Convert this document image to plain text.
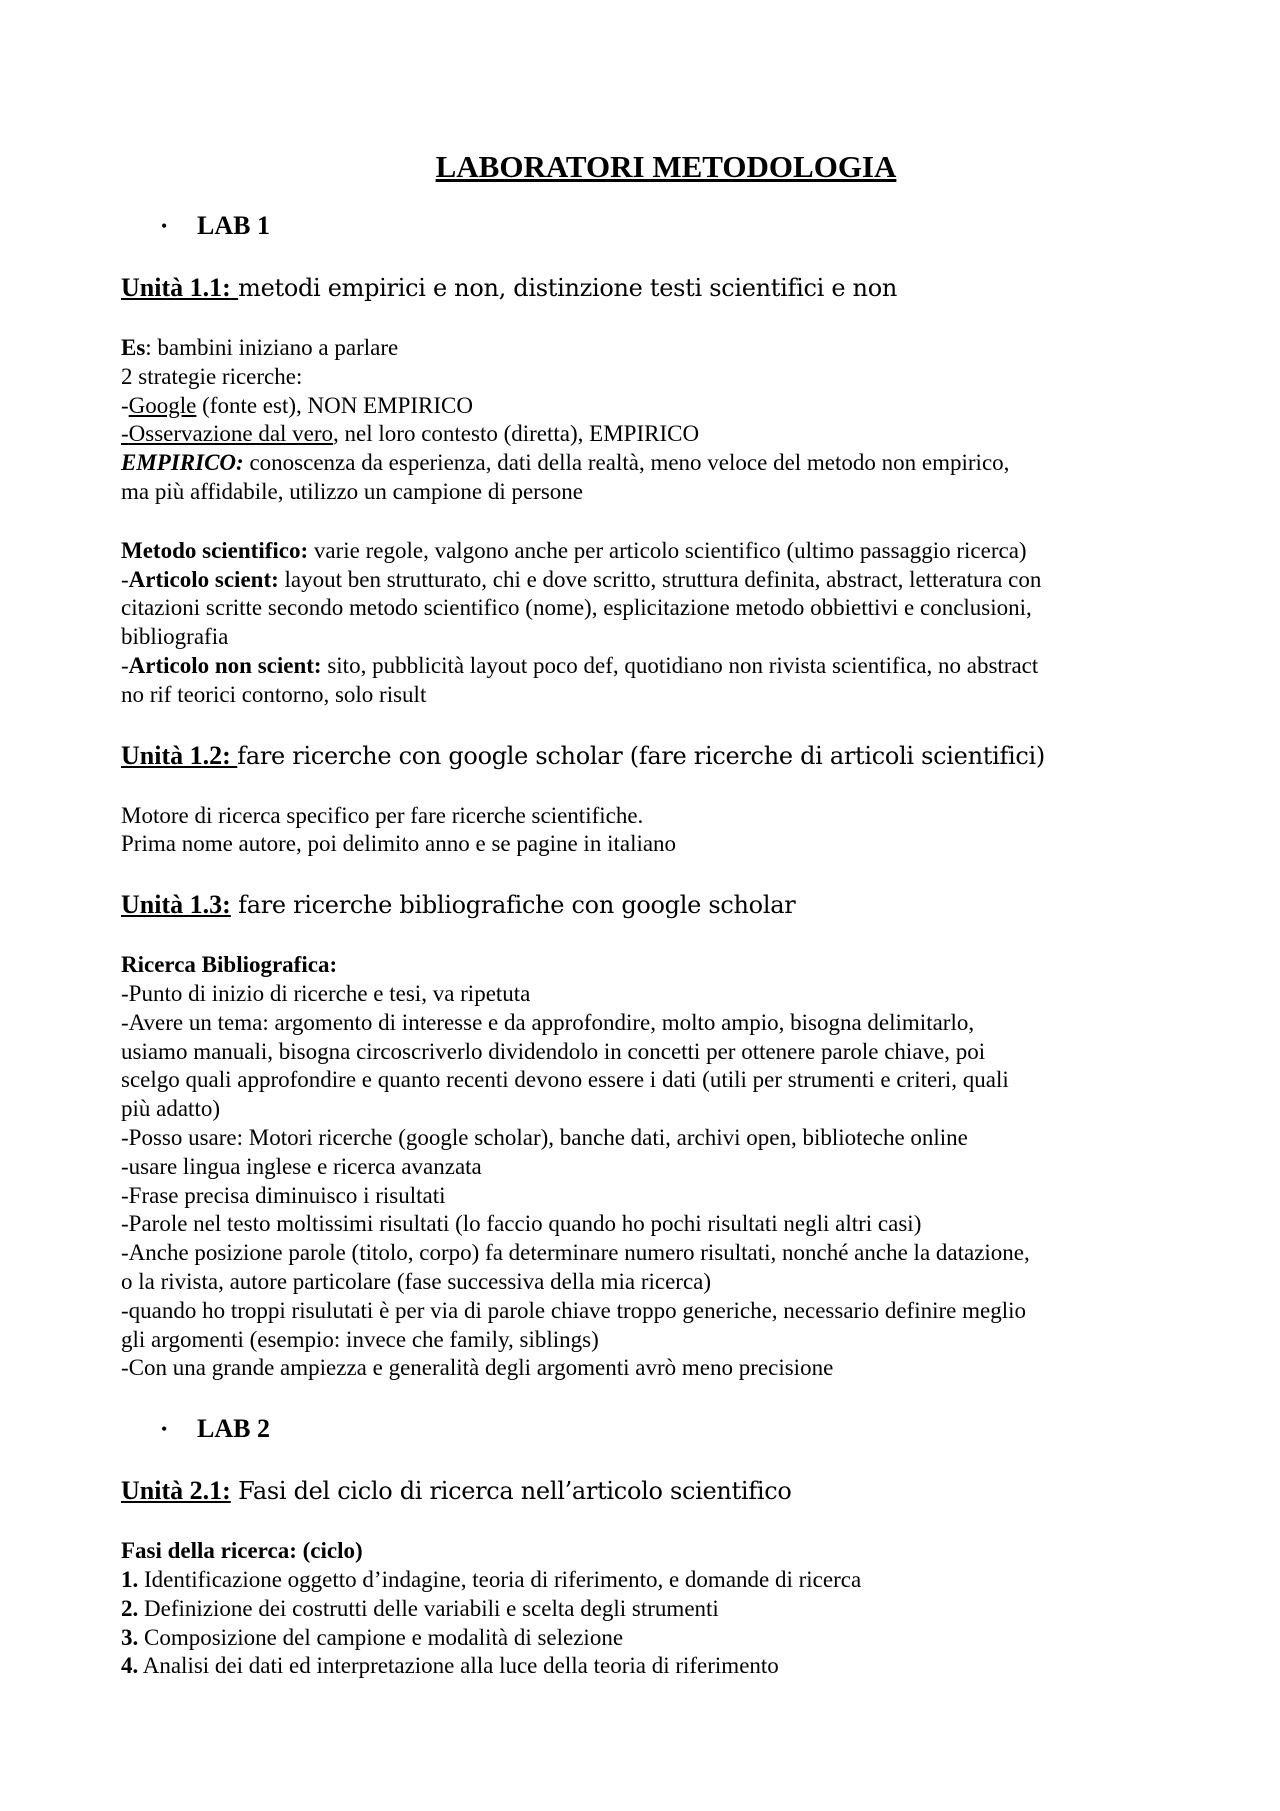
LABORATORI METODOLOGIA
•	LAB 1
Unità 1.1: metodi empirici e non, distinzione testi scientifici e non

Es: bambini iniziano a parlare

2 strategie ricerche:

-Google (fonte est), NON EMPIRICO

-Osservazione dal vero, nel loro contesto (diretta), EMPIRICO

EMPIRICO: conoscenza da esperienza, dati della realtà, meno veloce del metodo non empirico,

ma più affidabile, utilizzo un campione di persone

Metodo scientifico: varie regole, valgono anche per articolo scientifico (ultimo passaggio ricerca)

-Articolo scient: layout ben strutturato, chi e dove scritto, struttura definita, abstract, letteratura con

citazioni scritte secondo metodo scientifico (nome), esplicitazione metodo obbiettivi e conclusioni,

bibliografia

-Articolo non scient: sito, pubblicità layout poco def, quotidiano non rivista scientifica, no abstract

no rif teorici contorno, solo risult

Unità 1.2: fare ricerche con google scholar (fare ricerche di articoli scientifici)

Motore di ricerca specifico per fare ricerche scientifiche.

Prima nome autore, poi delimito anno e se pagine in italiano

Unità 1.3: fare ricerche bibliografiche con google scholar

Ricerca Bibliografica:

-Punto di inizio di ricerche e tesi, va ripetuta

-Avere un tema: argomento di interesse e da approfondire, molto ampio, bisogna delimitarlo,

usiamo manuali, bisogna circoscriverlo dividendolo in concetti per ottenere parole chiave, poi

scelgo quali approfondire e quanto recenti devono essere i dati (utili per strumenti e criteri, quali

più adatto)

-Posso usare: Motori ricerche (google scholar), banche dati, archivi open, biblioteche online

-usare lingua inglese e ricerca avanzata

-Frase precisa diminuisco i risultati

-Parole nel testo moltissimi risultati (lo faccio quando ho pochi risultati negli altri casi)

-Anche posizione parole (titolo, corpo) fa determinare numero risultati, nonché anche la datazione,

o la rivista, autore particolare (fase successiva della mia ricerca)

-quando ho troppi risulutati è per via di parole chiave troppo generiche, necessario definire meglio

gli argomenti (esempio: invece che family, siblings)

-Con una grande ampiezza e generalità degli argomenti avrò meno precisione

•	LAB 2
Unità 2.1: Fasi del ciclo di ricerca nell’articolo scientifico

Fasi della ricerca: (ciclo)

1. Identificazione oggetto d’indagine, teoria di riferimento, e domande di ricerca

2. Definizione dei costrutti delle variabili e scelta degli strumenti

3. Composizione del campione e modalità di selezione

4. Analisi dei dati ed interpretazione alla luce della teoria di riferimento
